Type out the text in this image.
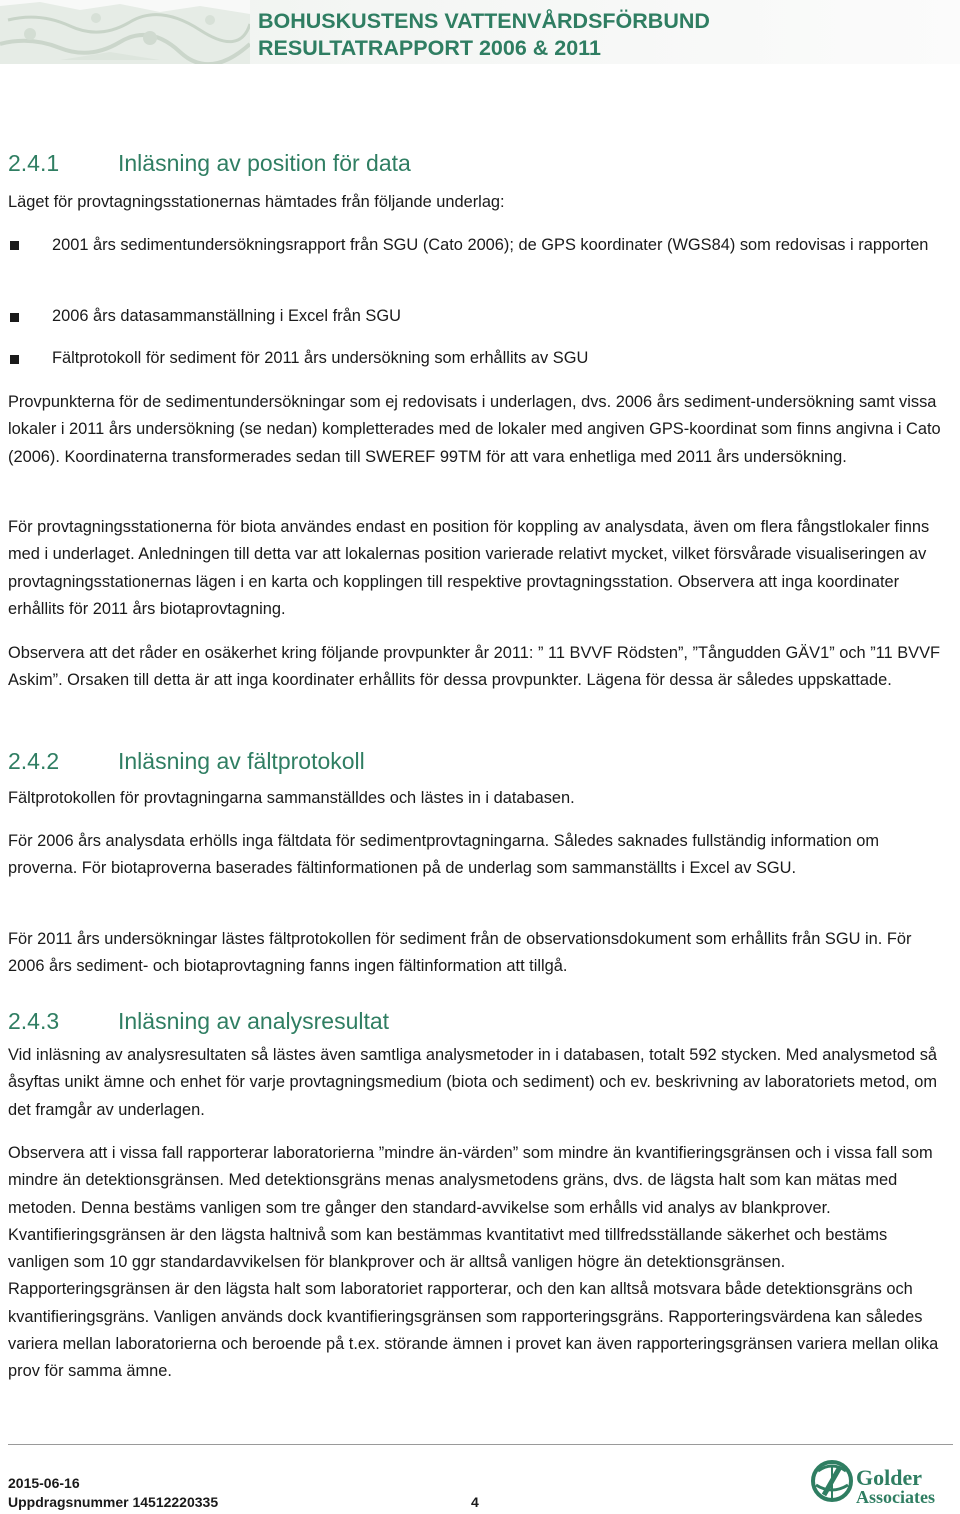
BOHUSKUSTENS VATTENVÅRDSFÖRBUND
RESULTATRAPPORT 2006 & 2011
2.4.1	Inläsning av position för data

Läget för provtagningsstationernas hämtades från följande underlag:

2001 års sedimentundersökningsrapport från SGU (Cato 2006); de GPS koordinater (WGS84) som redovisas i rapporten

2006 års datasammanställning i Excel från SGU

Fältprotokoll för sediment för 2011 års undersökning som erhållits av SGU

Provpunkterna för de sedimentundersökningar som ej redovisats i underlagen, dvs. 2006 års sediment-undersökning samt vissa lokaler i 2011 års undersökning (se nedan) kompletterades med de lokaler med angiven GPS-koordinat som finns angivna i Cato (2006). Koordinaterna transformerades sedan till SWEREF 99TM för att vara enhetliga med 2011 års undersökning.

För provtagningsstationerna för biota användes endast en position för koppling av analysdata, även om flera fångstlokaler finns med i underlaget. Anledningen till detta var att lokalernas position varierade relativt mycket, vilket försvårade visualiseringen av provtagningsstationernas lägen i en karta och kopplingen till respektive provtagningsstation. Observera att inga koordinater erhållits för 2011 års biotaprovtagning.

Observera att det råder en osäkerhet kring följande provpunkter år 2011: ” 11 BVVF Rödsten”, ”Tångudden GÄV1” och ”11 BVVF Askim”. Orsaken till detta är att inga koordinater erhållits för dessa provpunkter. Lägena för dessa är således uppskattade.

2.4.2	Inläsning av fältprotokoll

Fältprotokollen för provtagningarna sammanställdes och lästes in i databasen.

För 2006 års analysdata erhölls inga fältdata för sedimentprovtagningarna. Således saknades fullständig information om proverna. För biotaproverna baserades fältinformationen på de underlag som sammanställts i Excel av SGU.

För 2011 års undersökningar lästes fältprotokollen för sediment från de observationsdokument som erhållits från SGU in. För 2006 års sediment- och biotaprovtagning fanns ingen fältinformation att tillgå.

2.4.3	Inläsning av analysresultat

Vid inläsning av analysresultaten så lästes även samtliga analysmetoder in i databasen, totalt 592 stycken. Med analysmetod så åsyftas unikt ämne och enhet för varje provtagningsmedium (biota och sediment) och ev. beskrivning av laboratoriets metod, om det framgår av underlagen.

Observera att i vissa fall rapporterar laboratorierna ”mindre än-värden” som mindre än kvantifieringsgränsen och i vissa fall som mindre än detektionsgränsen. Med detektionsgräns menas analysmetodens gräns, dvs. de lägsta halt som kan mätas med metoden. Denna bestäms vanligen som tre gånger den standard-avvikelse som erhålls vid analys av blankprover. Kvantifieringsgränsen är den lägsta haltnivå som kan bestämmas kvantitativt med tillfredsställande säkerhet och bestäms vanligen som 10 ggr standardavvikelsen för blankprover och är alltså vanligen högre än detektionsgränsen. Rapporteringsgränsen är den lägsta halt som laboratoriet rapporterar, och den kan alltså motsvara både detektionsgräns och kvantifieringsgräns. Vanligen används dock kvantifieringsgränsen som rapporteringsgräns. Rapporteringsvärdena kan således variera mellan laboratorierna och beroende på t.ex. störande ämnen i provet kan även rapporteringsgränsen variera mellan olika prov för samma ämne.

2015-06-16
Uppdragsnummer 14512220335	4
Golder
Associates
